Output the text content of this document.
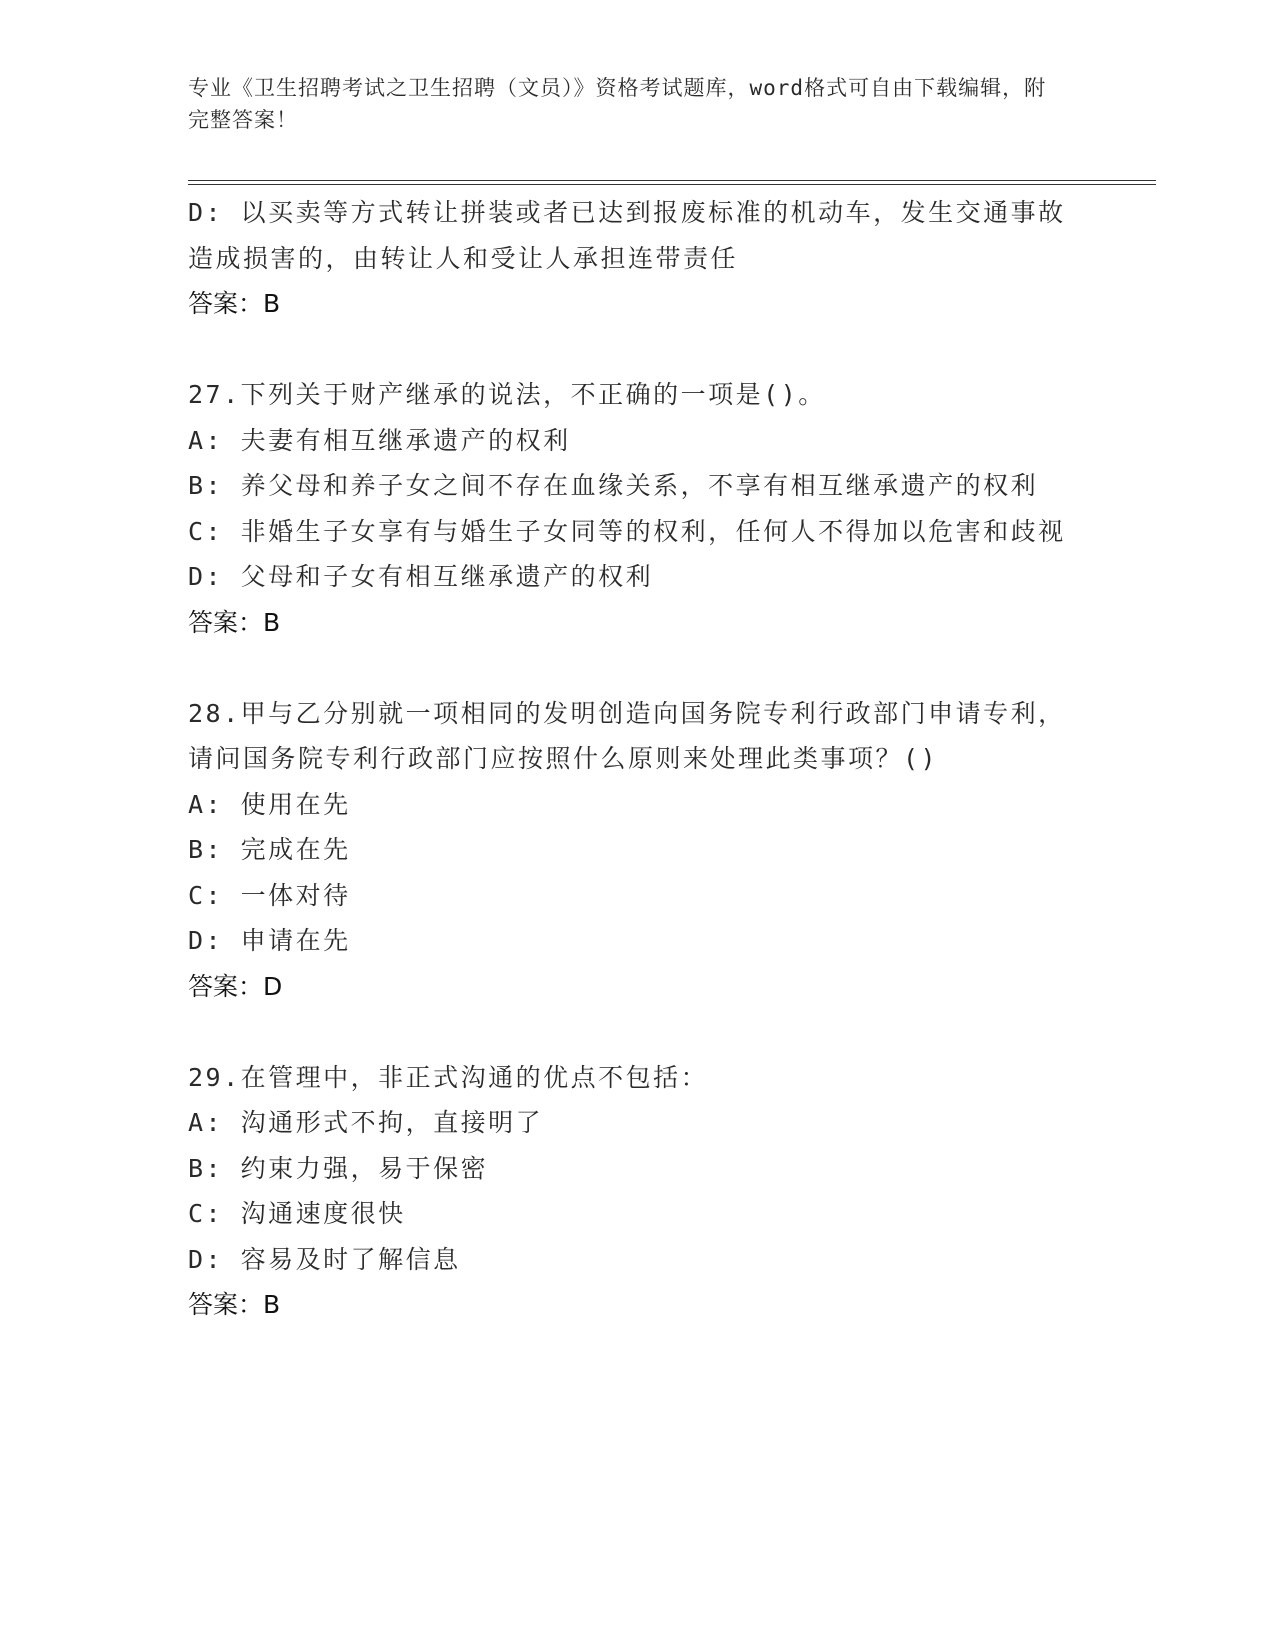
专业《卫生招聘考试之卫生招聘（文员）》资格考试题库，word格式可自由下载编辑，附完整答案！

D: 以买卖等方式转让拼装或者已达到报废标准的机动车，发生交通事故造成损害的，由转让人和受让人承担连带责任

答案：B

27.下列关于财产继承的说法，不正确的一项是()。

A: 夫妻有相互继承遗产的权利

B: 养父母和养子女之间不存在血缘关系，不享有相互继承遗产的权利

C: 非婚生子女享有与婚生子女同等的权利，任何人不得加以危害和歧视

D: 父母和子女有相互继承遗产的权利

答案：B

28.甲与乙分别就一项相同的发明创造向国务院专利行政部门申请专利，请问国务院专利行政部门应按照什么原则来处理此类事项？()

A: 使用在先

B: 完成在先

C: 一体对待

D: 申请在先

答案：D

29.在管理中，非正式沟通的优点不包括：

A: 沟通形式不拘，直接明了

B: 约束力强，易于保密

C: 沟通速度很快

D: 容易及时了解信息

答案：B
